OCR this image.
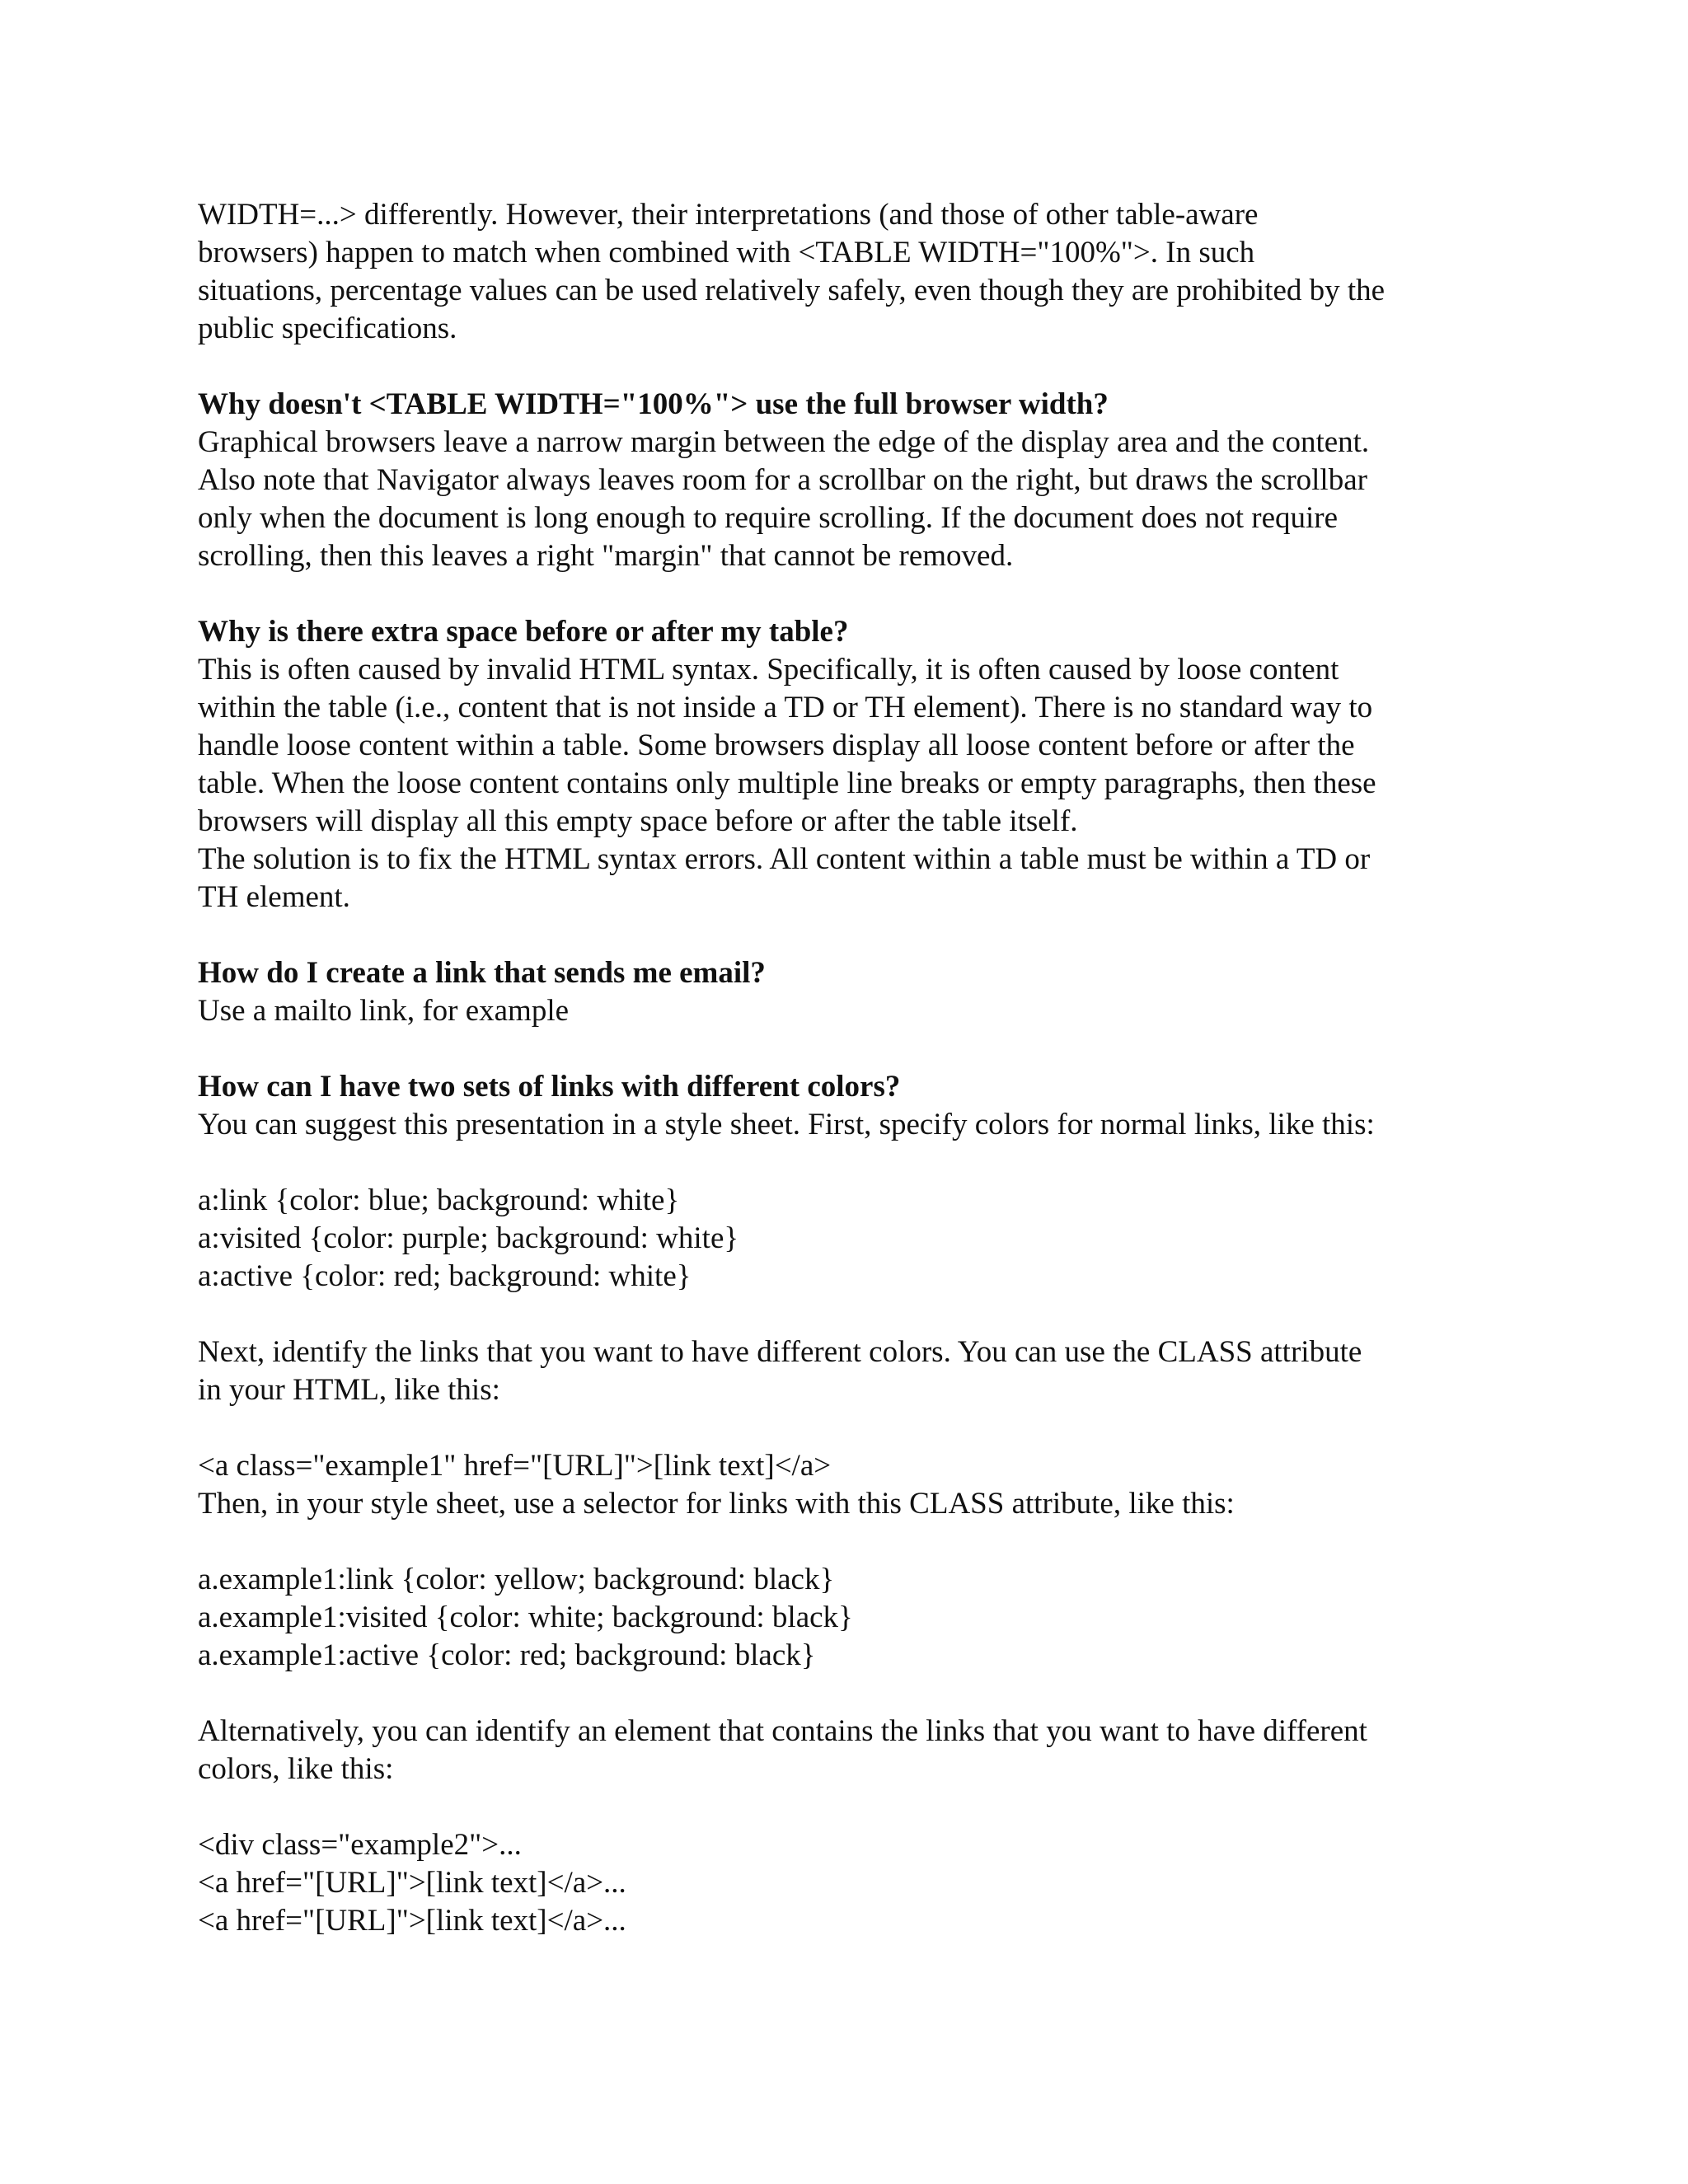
WIDTH=...> differently. However, their interpretations (and those of other table-aware
browsers) happen to match when combined with <TABLE WIDTH="100%">. In such
situations, percentage values can be used relatively safely, even though they are prohibited by the
public specifications.
Why doesn't <TABLE WIDTH="100%"> use the full browser width?
Graphical browsers leave a narrow margin between the edge of the display area and the content.
Also note that Navigator always leaves room for a scrollbar on the right, but draws the scrollbar
only when the document is long enough to require scrolling. If the document does not require
scrolling, then this leaves a right "margin" that cannot be removed.
Why is there extra space before or after my table?
This is often caused by invalid HTML syntax. Specifically, it is often caused by loose content
within the table (i.e., content that is not inside a TD or TH element). There is no standard way to
handle loose content within a table. Some browsers display all loose content before or after the
table. When the loose content contains only multiple line breaks or empty paragraphs, then these
browsers will display all this empty space before or after the table itself.
The solution is to fix the HTML syntax errors. All content within a table must be within a TD or
TH element.
How do I create a link that sends me email?
Use a mailto link, for example
How can I have two sets of links with different colors?
You can suggest this presentation in a style sheet. First, specify colors for normal links, like this:
a:link {color: blue; background: white}
a:visited {color: purple; background: white}
a:active {color: red; background: white}
Next, identify the links that you want to have different colors. You can use the CLASS attribute
in your HTML, like this:
<a class="example1" href="[URL]">[link text]</a>
Then, in your style sheet, use a selector for links with this CLASS attribute, like this:
a.example1:link {color: yellow; background: black}
a.example1:visited {color: white; background: black}
a.example1:active {color: red; background: black}
Alternatively, you can identify an element that contains the links that you want to have different
colors, like this:
<div class="example2">...
<a href="[URL]">[link text]</a>...
<a href="[URL]">[link text]</a>...
